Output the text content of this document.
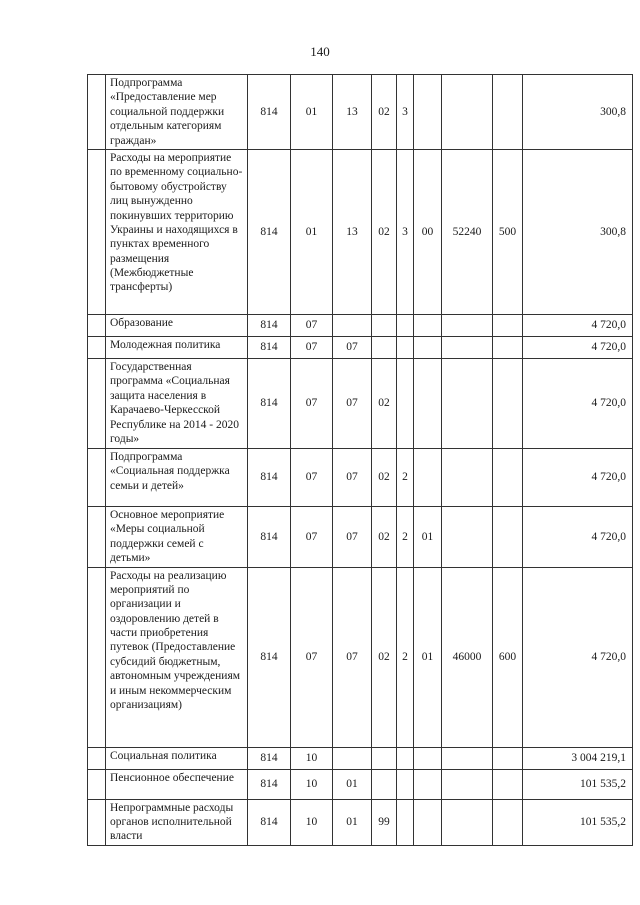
140
	Подпрограмма «Предоставление мер социальной поддержки отдельным категориям граждан»	814	01	13	02	3				300,8
	Расходы на мероприятие по временному социально-бытовому обустройству лиц вынужденно покинувших территорию Украины и находящихся в пунктах временного размещения (Межбюджетные трансферты)	814	01	13	02	3	00	52240	500	300,8
	Образование	814	07							4 720,0
	Молодежная политика	814	07	07						4 720,0
	Государственная программа «Социальная защита населения в Карачаево-Черкесской Республике на 2014 - 2020 годы»	814	07	07	02					4 720,0
	Подпрограмма «Социальная поддержка семьи и детей»	814	07	07	02	2				4 720,0
	Основное мероприятие «Меры социальной поддержки семей с детьми»	814	07	07	02	2	01			4 720,0
	Расходы на реализацию мероприятий по организации и оздоровлению детей в части приобретения путевок (Предоставление субсидий бюджетным, автономным учреждениям и иным некоммерческим организациям)	814	07	07	02	2	01	46000	600	4 720,0
	Социальная политика	814	10							3 004 219,1
	Пенсионное обеспечение	814	10	01						101 535,2
	Непрограммные расходы органов исполнительной власти	814	10	01	99					101 535,2
